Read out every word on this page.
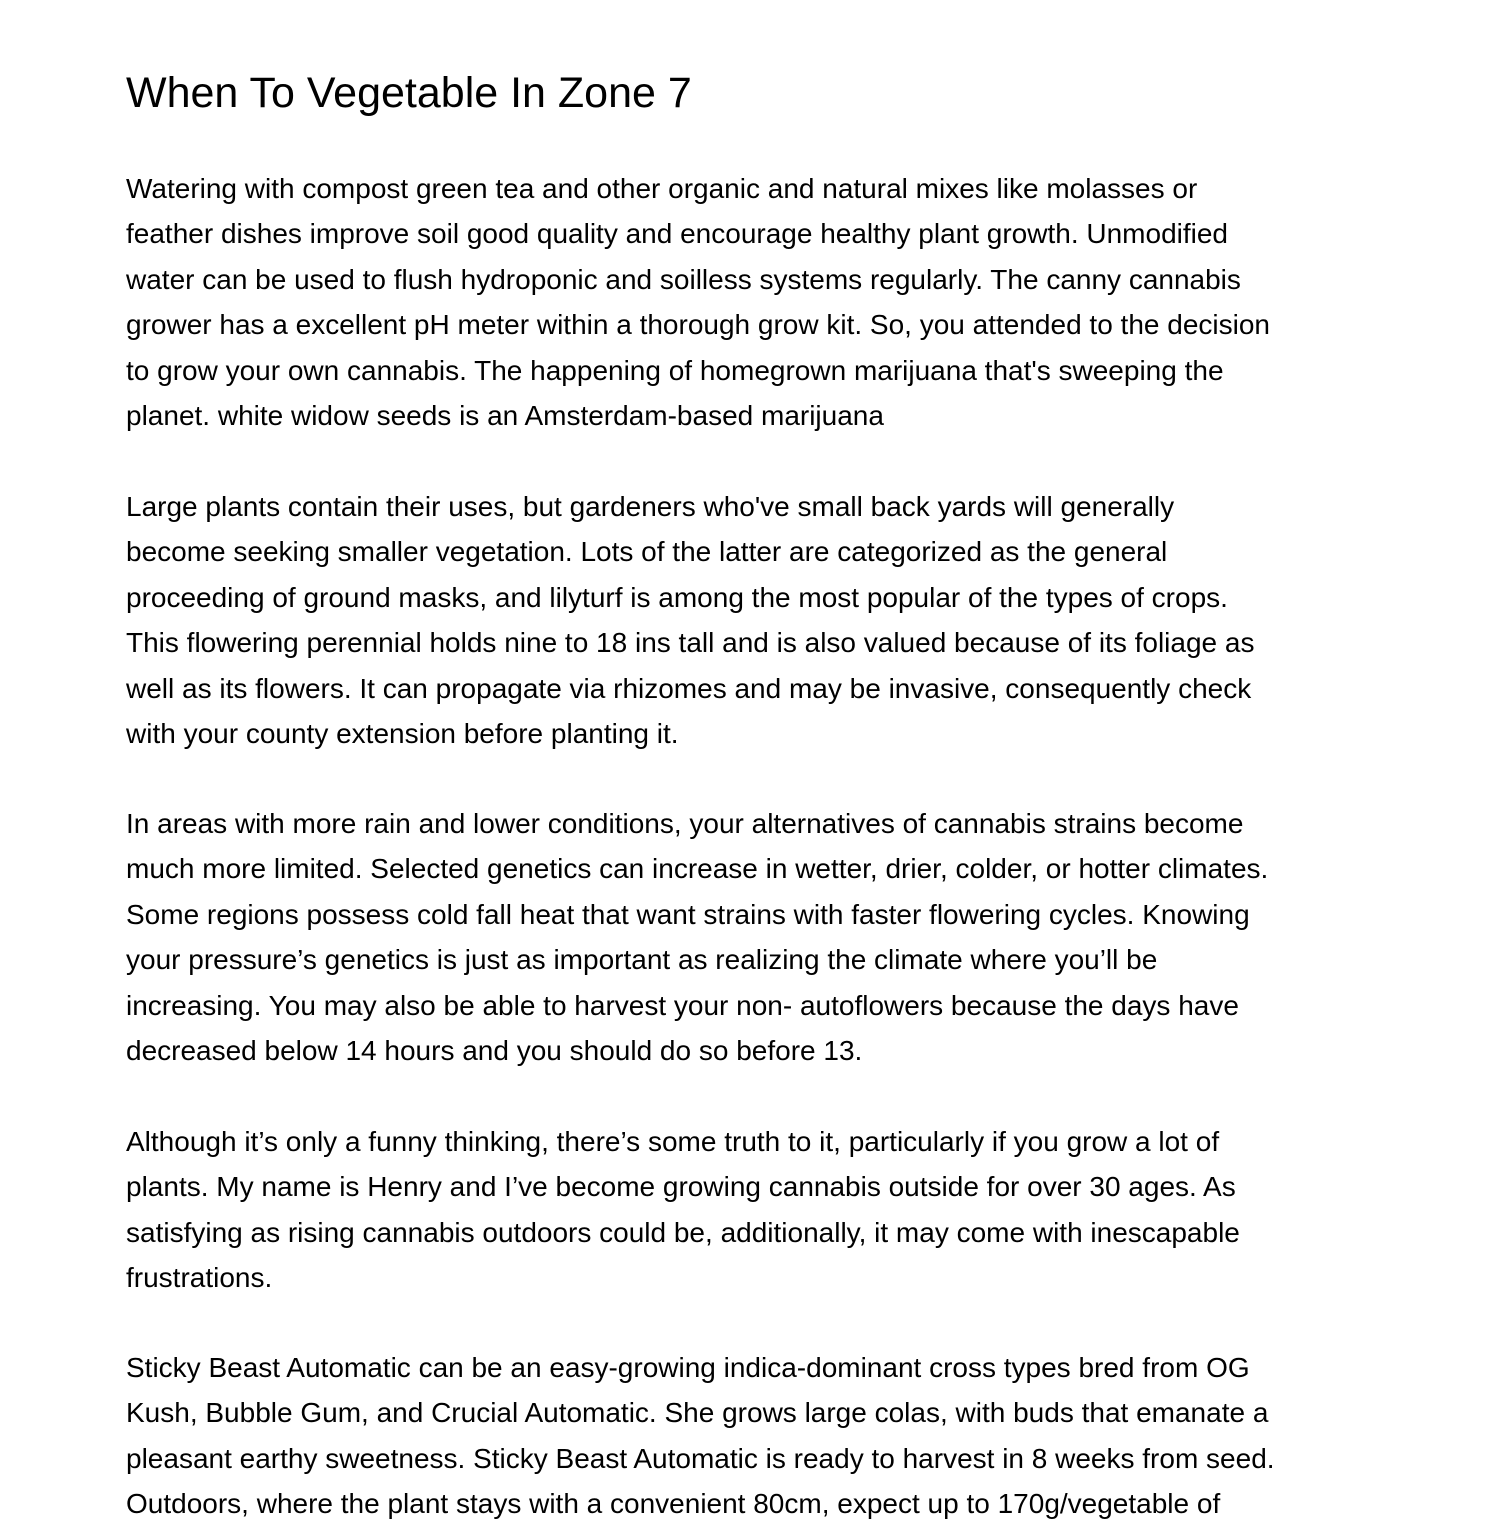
When To Vegetable In Zone 7

Watering with compost green tea and other organic and natural mixes like molasses or
feather dishes improve soil good quality and encourage healthy plant growth. Unmodified
water can be used to flush hydroponic and soilless systems regularly. The canny cannabis
grower has a excellent pH meter within a thorough grow kit. So, you attended to the decision
to grow your own cannabis. The happening of homegrown marijuana that's sweeping the
planet. white widow seeds is an Amsterdam-based marijuana

Large plants contain their uses, but gardeners who've small back yards will generally
become seeking smaller vegetation. Lots of the latter are categorized as the general
proceeding of ground masks, and lilyturf is among the most popular of the types of crops.
This flowering perennial holds nine to 18 ins tall and is also valued because of its foliage as
well as its flowers. It can propagate via rhizomes and may be invasive, consequently check
with your county extension before planting it.

In areas with more rain and lower conditions, your alternatives of cannabis strains become
much more limited. Selected genetics can increase in wetter, drier, colder, or hotter climates.
Some regions possess cold fall heat that want strains with faster flowering cycles. Knowing
your pressure’s genetics is just as important as realizing the climate where you’ll be
increasing. You may also be able to harvest your non- autoflowers because the days have
decreased below 14 hours and you should do so before 13.

Although it’s only a funny thinking, there’s some truth to it, particularly if you grow a lot of
plants. My name is Henry and I’ve become growing cannabis outside for over 30 ages. As
satisfying as rising cannabis outdoors could be, additionally, it may come with inescapable
frustrations.

Sticky Beast Automatic can be an easy-growing indica-dominant cross types bred from OG
Kush, Bubble Gum, and Crucial Automatic. She grows large colas, with buds that emanate a
pleasant earthy sweetness. Sticky Beast Automatic is ready to harvest in 8 weeks from seed.
Outdoors, where the plant stays with a convenient 80cm, expect up to 170g/vegetable of
